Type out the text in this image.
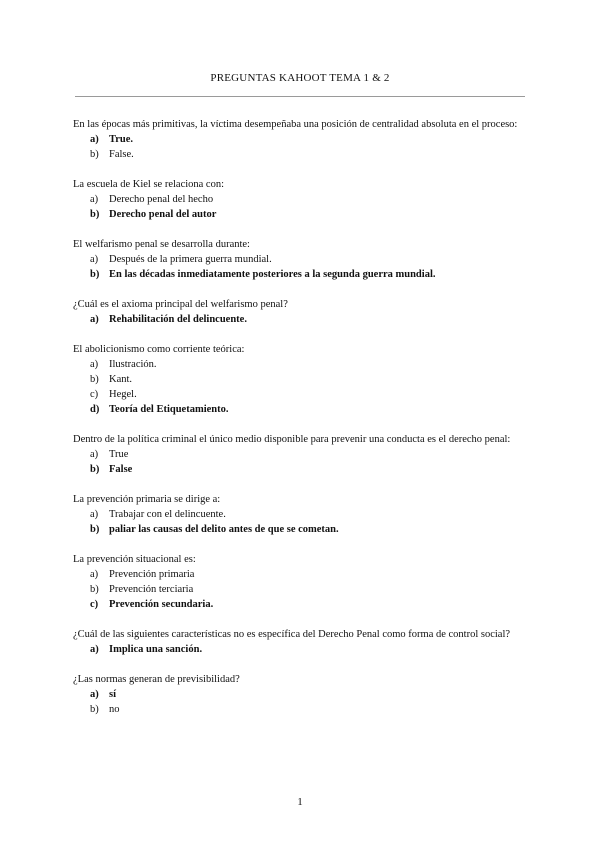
PREGUNTAS KAHOOT TEMA 1 & 2
En las épocas más primitivas, la víctima desempeñaba una posición de centralidad absoluta en el proceso:
a) True.
b) False.
La escuela de Kiel se relaciona con:
a) Derecho penal del hecho
b) Derecho penal del autor
El welfarismo penal se desarrolla durante:
a) Después de la primera guerra mundial.
b) En las décadas inmediatamente posteriores a la segunda guerra mundial.
¿Cuál es el axioma principal del welfarismo penal?
a) Rehabilitación del delincuente.
El abolicionismo como corriente teórica:
a) Ilustración.
b) Kant.
c) Hegel.
d) Teoría del Etiquetamiento.
Dentro de la política criminal el único medio disponible para prevenir una conducta es el derecho penal:
a) True
b) False
La prevención primaria se dirige a:
a) Trabajar con el delincuente.
b) paliar las causas del delito antes de que se cometan.
La prevención situacional es:
a) Prevención primaria
b) Prevención terciaria
c) Prevención secundaria.
¿Cuál de las siguientes características no es específica del Derecho Penal como forma de control social?
a) Implica una sanción.
¿Las normas generan de previsibilidad?
a) sí
b) no
1
